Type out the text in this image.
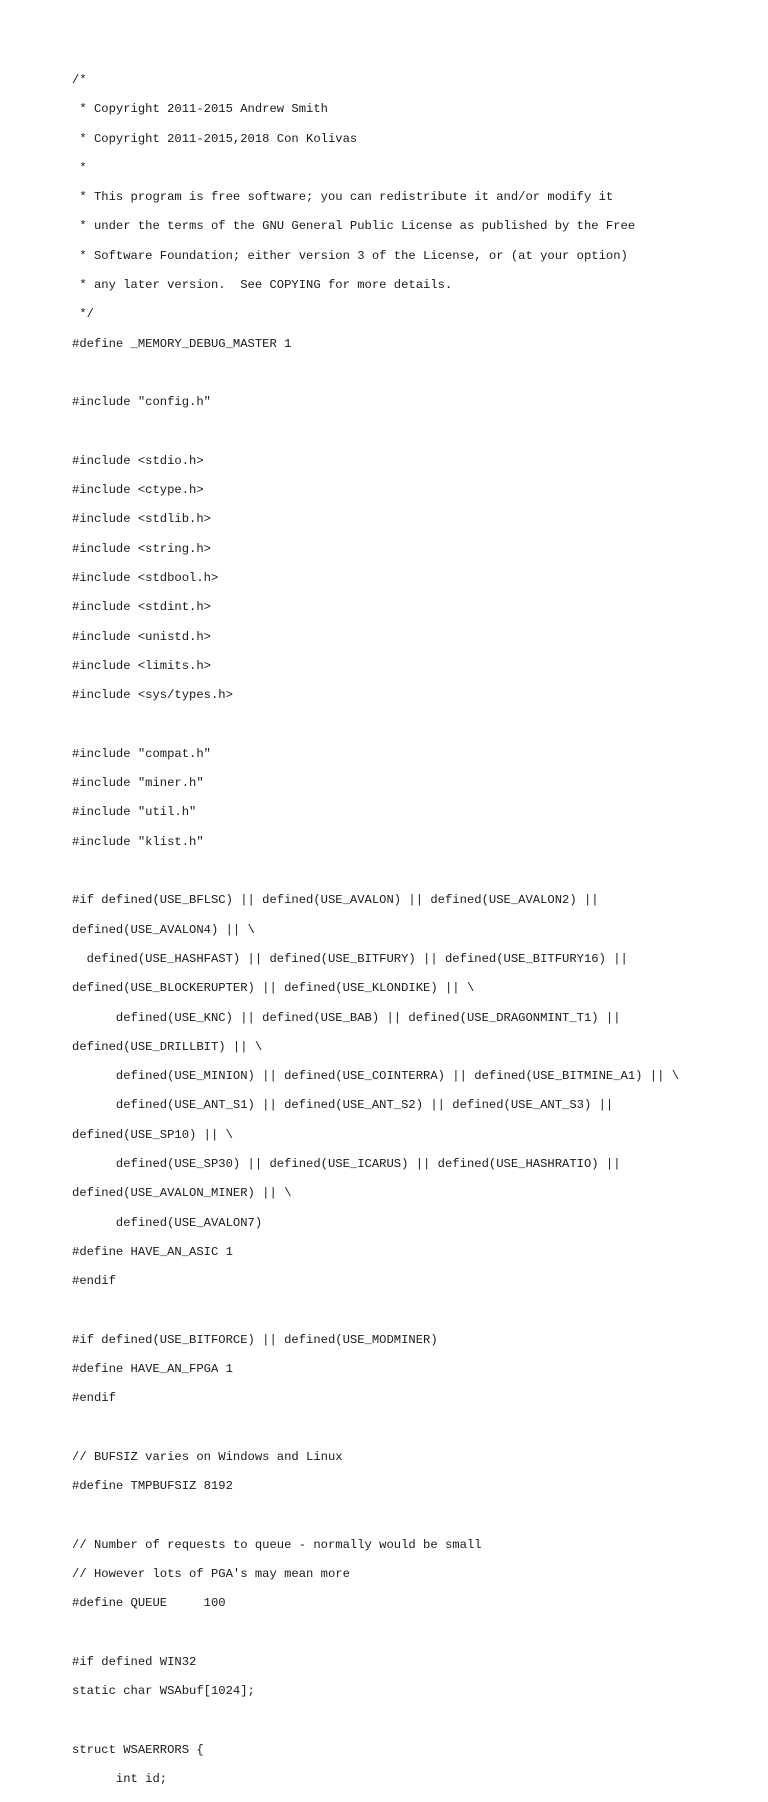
/*

* Copyright 2011-2015 Andrew Smith

* Copyright 2011-2015,2018 Con Kolivas

*

* This program is free software; you can redistribute it and/or modify it

* under the terms of the GNU General Public License as published by the Free

* Software Foundation; either version 3 of the License, or (at your option)

* any later version.  See COPYING for more details.

*/

#define _MEMORY_DEBUG_MASTER 1

#include "config.h"

#include <stdio.h>

#include <ctype.h>

#include <stdlib.h>

#include <string.h>

#include <stdbool.h>

#include <stdint.h>

#include <unistd.h>

#include <limits.h>

#include <sys/types.h>

#include "compat.h"

#include "miner.h"

#include "util.h"

#include "klist.h"

#if defined(USE_BFLSC) || defined(USE_AVALON) || defined(USE_AVALON2) ||

defined(USE_AVALON4) || \

defined(USE_HASHFAST) || defined(USE_BITFURY) || defined(USE_BITFURY16) ||

defined(USE_BLOCKERUPTER) || defined(USE_KLONDIKE) || \

defined(USE_KNC) || defined(USE_BAB) || defined(USE_DRAGONMINT_T1) ||

defined(USE_DRILLBIT) || \

defined(USE_MINION) || defined(USE_COINTERRA) || defined(USE_BITMINE_A1) || \

defined(USE_ANT_S1) || defined(USE_ANT_S2) || defined(USE_ANT_S3) ||

defined(USE_SP10) || \

defined(USE_SP30) || defined(USE_ICARUS) || defined(USE_HASHRATIO) ||

defined(USE_AVALON_MINER) || \

defined(USE_AVALON7)

#define HAVE_AN_ASIC 1

#endif

#if defined(USE_BITFORCE) || defined(USE_MODMINER)

#define HAVE_AN_FPGA 1

#endif

// BUFSIZ varies on Windows and Linux

#define TMPBUFSIZ 8192

// Number of requests to queue - normally would be small

// However lots of PGA's may mean more

#define QUEUE     100

#if defined WIN32

static char WSAbuf[1024];

struct WSAERRORS {

int id;
